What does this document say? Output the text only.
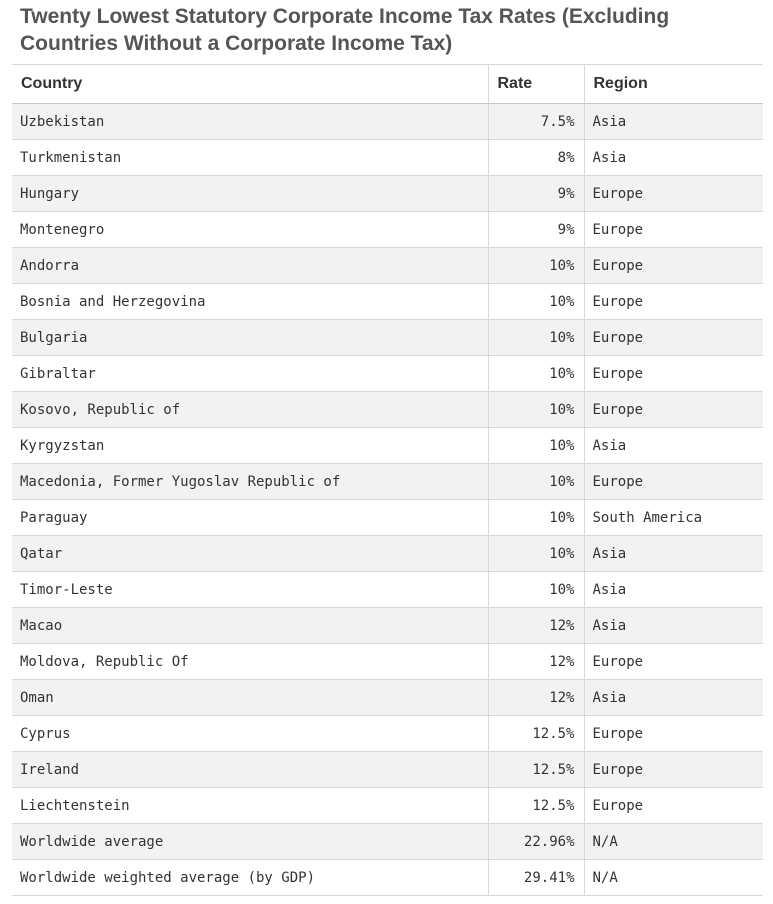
Twenty Lowest Statutory Corporate Income Tax Rates (Excluding Countries Without a Corporate Income Tax)
Country	Rate	Region
Uzbekistan	7.5%	Asia
Turkmenistan	8%	Asia
Hungary	9%	Europe
Montenegro	9%	Europe
Andorra	10%	Europe
Bosnia and Herzegovina	10%	Europe
Bulgaria	10%	Europe
Gibraltar	10%	Europe
Kosovo, Republic of	10%	Europe
Kyrgyzstan	10%	Asia
Macedonia, Former Yugoslav Republic of	10%	Europe
Paraguay	10%	South America
Qatar	10%	Asia
Timor-Leste	10%	Asia
Macao	12%	Asia
Moldova, Republic Of	12%	Europe
Oman	12%	Asia
Cyprus	12.5%	Europe
Ireland	12.5%	Europe
Liechtenstein	12.5%	Europe
Worldwide average	22.96%	N/A
Worldwide weighted average (by GDP)	29.41%	N/A
